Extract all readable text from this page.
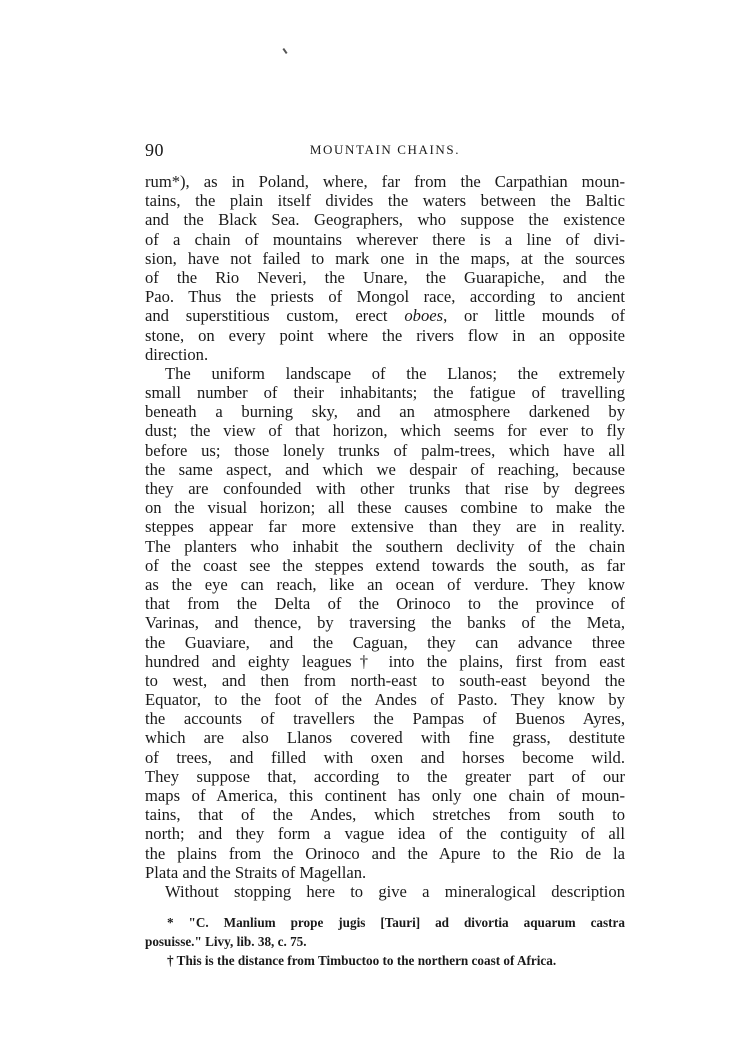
90	MOUNTAIN CHAINS.
rum*), as in Poland, where, far from the Carpathian moun-
tains, the plain itself divides the waters between the Baltic
and the Black Sea. Geographers, who suppose the existence
of a chain of mountains wherever there is a line of divi-
sion, have not failed to mark one in the maps, at the sources
of the Rio Neveri, the Unare, the Guarapiche, and the
Pao. Thus the priests of Mongol race, according to ancient
and superstitious custom, erect oboes, or little mounds of
stone, on every point where the rivers flow in an opposite
direction.
The uniform landscape of the Llanos; the extremely
small number of their inhabitants; the fatigue of travelling
beneath a burning sky, and an atmosphere darkened by
dust; the view of that horizon, which seems for ever to fly
before us; those lonely trunks of palm-trees, which have all
the same aspect, and which we despair of reaching, because
they are confounded with other trunks that rise by degrees
on the visual horizon; all these causes combine to make the
steppes appear far more extensive than they are in reality.
The planters who inhabit the southern declivity of the chain
of the coast see the steppes extend towards the south, as far
as the eye can reach, like an ocean of verdure. They know
that from the Delta of the Orinoco to the province of
Varinas, and thence, by traversing the banks of the Meta,
the Guaviare, and the Caguan, they can advance three
hundred and eighty leagues† into the plains, first from east
to west, and then from north-east to south-east beyond the
Equator, to the foot of the Andes of Pasto. They know by
the accounts of travellers the Pampas of Buenos Ayres,
which are also Llanos covered with fine grass, destitute
of trees, and filled with oxen and horses become wild.
They suppose that, according to the greater part of our
maps of America, this continent has only one chain of moun-
tains, that of the Andes, which stretches from south to
north; and they form a vague idea of the contiguity of all
the plains from the Orinoco and the Apure to the Rio de la
Plata and the Straits of Magellan.
Without stopping here to give a mineralogical description
* "C. Manlium prope jugis [Tauri] ad divortia aquarum castra
posuisse." Livy, lib. 38, c. 75.
† This is the distance from Timbuctoo to the northern coast of Africa.
